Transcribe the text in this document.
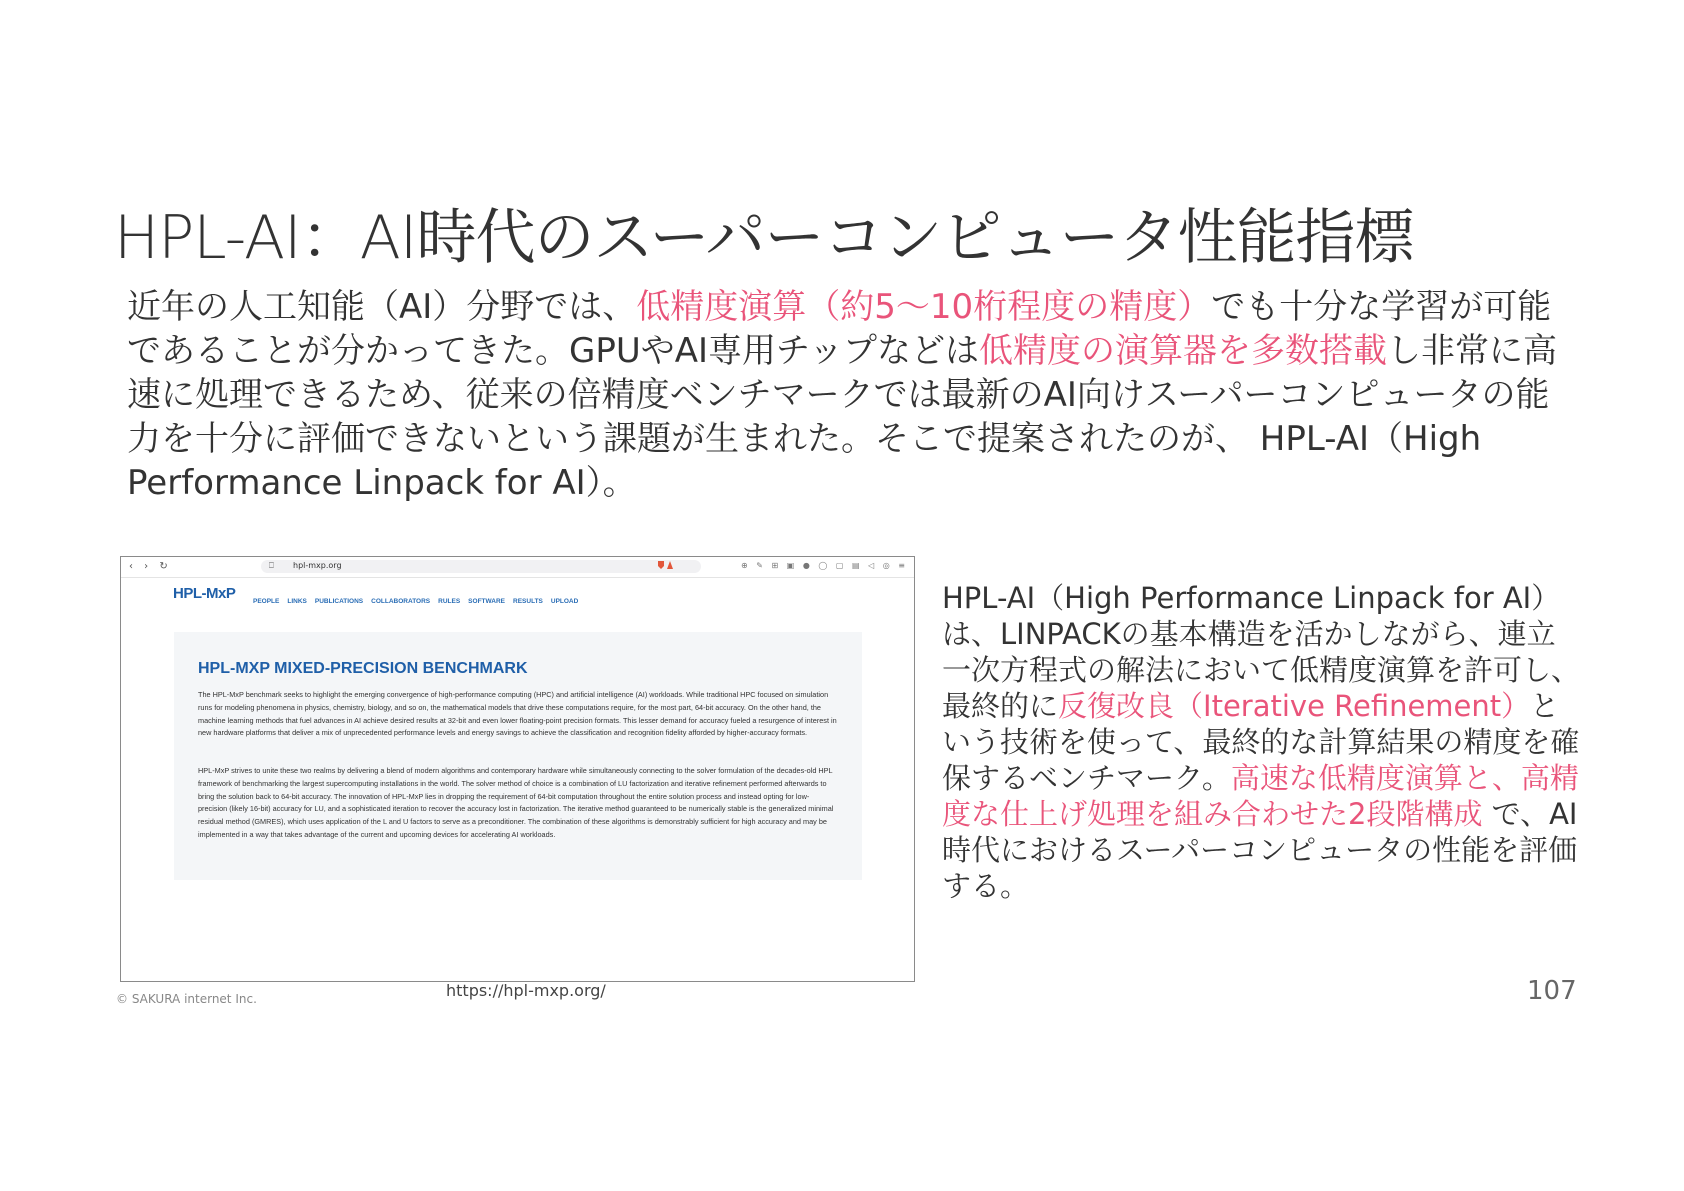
HPL-AI：AI時代のスーパーコンピュータ性能指標
近年の人工知能（AI）分野では、低精度演算（約5〜10桁程度の精度）でも十分な学習が可能であることが分かってきた。GPUやAI専用チップなどは低精度の演算器を多数搭載し非常に高速に処理できるため、従来の倍精度ベンチマークでは最新のAI向けスーパーコンピュータの能力を十分に評価できないという課題が生まれた。そこで提案されたのが、 HPL-AI（High Performance Linpack for AI）。
‹ › ↻	⎕ hpl-mxp.org	⊕ ✎ ⊞ ▣ ● ◯ ▢ ▤ ◁ ◎ ≡
HPL-MxP	PEOPLE LINKS PUBLICATIONS COLLABORATORS RULES SOFTWARE RESULTS UPLOAD
HPL-MXP MIXED-PRECISION BENCHMARK

The HPL-MxP benchmark seeks to highlight the emerging convergence of high-performance computing (HPC) and artificial intelligence (AI) workloads. While traditional HPC focused on simulation runs for modeling phenomena in physics, chemistry, biology, and so on, the mathematical models that drive these computations require, for the most part, 64-bit accuracy. On the other hand, the machine learning methods that fuel advances in AI achieve desired results at 32-bit and even lower floating-point precision formats. This lesser demand for accuracy fueled a resurgence of interest in new hardware platforms that deliver a mix of unprecedented performance levels and energy savings to achieve the classification and recognition fidelity afforded by higher-accuracy formats.

HPL-MxP strives to unite these two realms by delivering a blend of modern algorithms and contemporary hardware while simultaneously connecting to the solver formulation of the decades-old HPL framework of benchmarking the largest supercomputing installations in the world. The solver method of choice is a combination of LU factorization and iterative refinement performed afterwards to bring the solution back to 64-bit accuracy. The innovation of HPL-MxP lies in dropping the requirement of 64-bit computation throughout the entire solution process and instead opting for low-precision (likely 16-bit) accuracy for LU, and a sophisticated iteration to recover the accuracy lost in factorization. The iterative method guaranteed to be numerically stable is the generalized minimal residual method (GMRES), which uses application of the L and U factors to serve as a preconditioner. The combination of these algorithms is demonstrably sufficient for high accuracy and may be implemented in a way that takes advantage of the current and upcoming devices for accelerating AI workloads.

HPL-AI（High Performance Linpack for AI）は、LINPACKの基本構造を活かしながら、連立一次方程式の解法において低精度演算を許可し、最終的に反復改良（Iterative Refinement）という技術を使って、最終的な計算結果の精度を確保するベンチマーク。高速な低精度演算と、高精度な仕上げ処理を組み合わせた2段階構成 で、AI時代におけるスーパーコンピュータの性能を評価する。
© SAKURA internet Inc.	https://hpl-mxp.org/	107
